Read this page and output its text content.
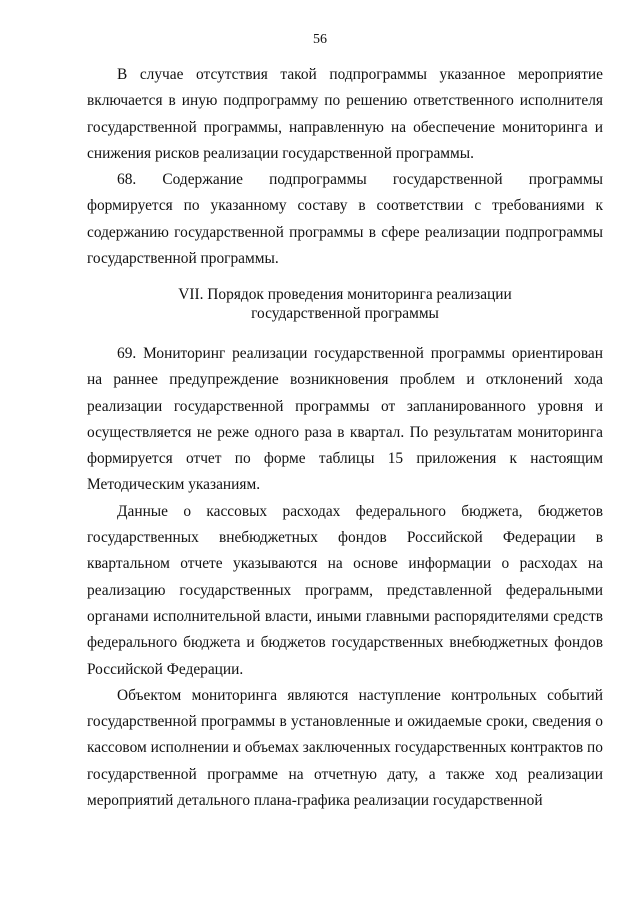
56

В случае отсутствия такой подпрограммы указанное мероприятие включается в иную подпрограмму по решению ответственного исполнителя государственной программы, направленную на обеспечение мониторинга и снижения рисков реализации государственной программы.

68. Содержание подпрограммы государственной программы формируется по указанному составу в соответствии с требованиями к содержанию государственной программы в сфере реализации подпрограммы государственной программы.

VII. Порядок проведения мониторинга реализации
государственной программы

69. Мониторинг реализации государственной программы ориентирован на раннее предупреждение возникновения проблем и отклонений хода реализации государственной программы от запланированного уровня и осуществляется не реже одного раза в квартал. По результатам мониторинга формируется отчет по форме таблицы 15 приложения к настоящим Методическим указаниям.

Данные о кассовых расходах федерального бюджета, бюджетов государственных внебюджетных фондов Российской Федерации в квартальном отчете указываются на основе информации о расходах на реализацию государственных программ, представленной федеральными органами исполнительной власти, иными главными распорядителями средств федерального бюджета и бюджетов государственных внебюджетных фондов Российской Федерации.

Объектом мониторинга являются наступление контрольных событий государственной программы в установленные и ожидаемые сроки, сведения о кассовом исполнении и объемах заключенных государственных контрактов по государственной программе на отчетную дату, а также ход реализации мероприятий детального плана-графика реализации государственной
